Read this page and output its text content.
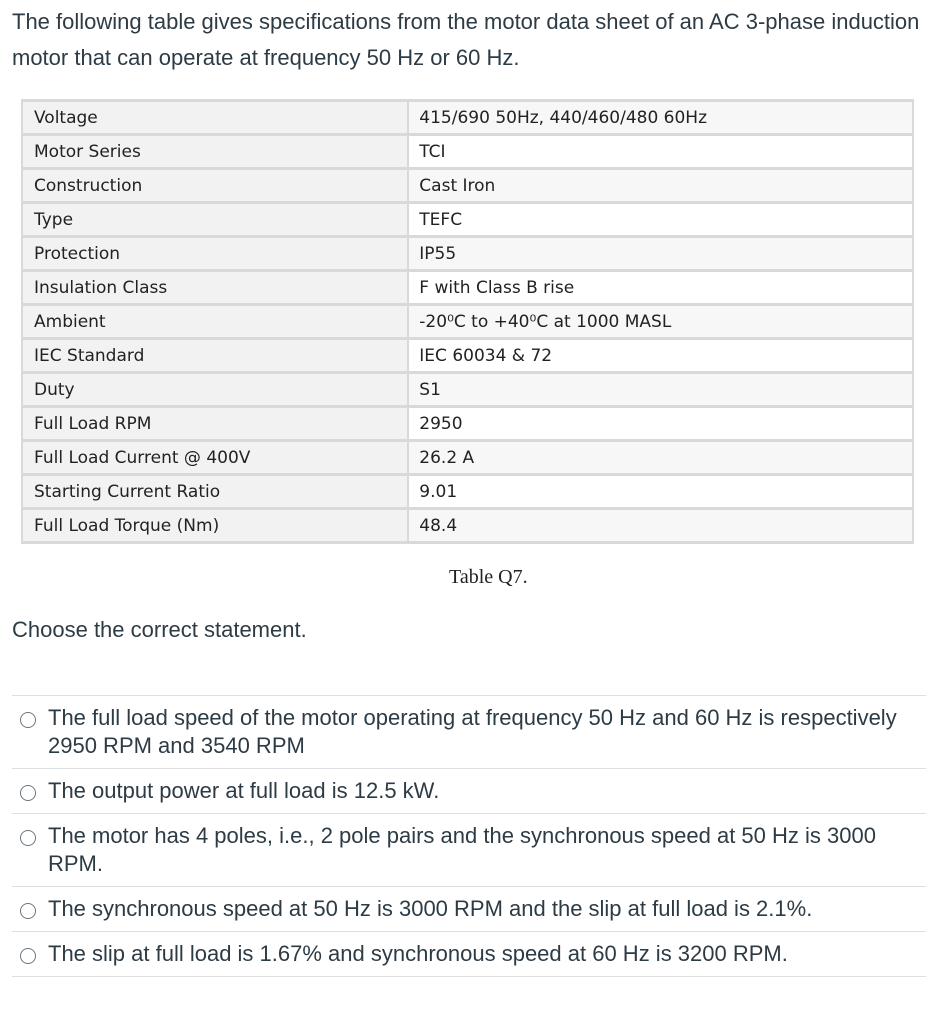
The following table gives specifications from the motor data sheet of an AC 3-phase induction motor that can operate at frequency 50 Hz or 60 Hz.
Voltage	415/690 50Hz, 440/460/480 60Hz
Motor Series	TCI
Construction	Cast Iron
Type	TEFC
Protection	IP55
Insulation Class	F with Class B rise
Ambient	-20⁰C to +40⁰C at 1000 MASL
IEC Standard	IEC 60034 & 72
Duty	S1
Full Load RPM	2950
Full Load Current @ 400V	26.2 A
Starting Current Ratio	9.01
Full Load Torque (Nm)	48.4
Table Q7.
Choose the correct statement.
The full load speed of the motor operating at frequency 50 Hz and 60 Hz is respectively 2950 RPM and 3540 RPM
The output power at full load is 12.5 kW.
The motor has 4 poles, i.e., 2 pole pairs and the synchronous speed at 50 Hz is 3000 RPM.
The synchronous speed at 50 Hz is 3000 RPM and the slip at full load is 2.1%.
The slip at full load is 1.67% and synchronous speed at 60 Hz is 3200 RPM.
